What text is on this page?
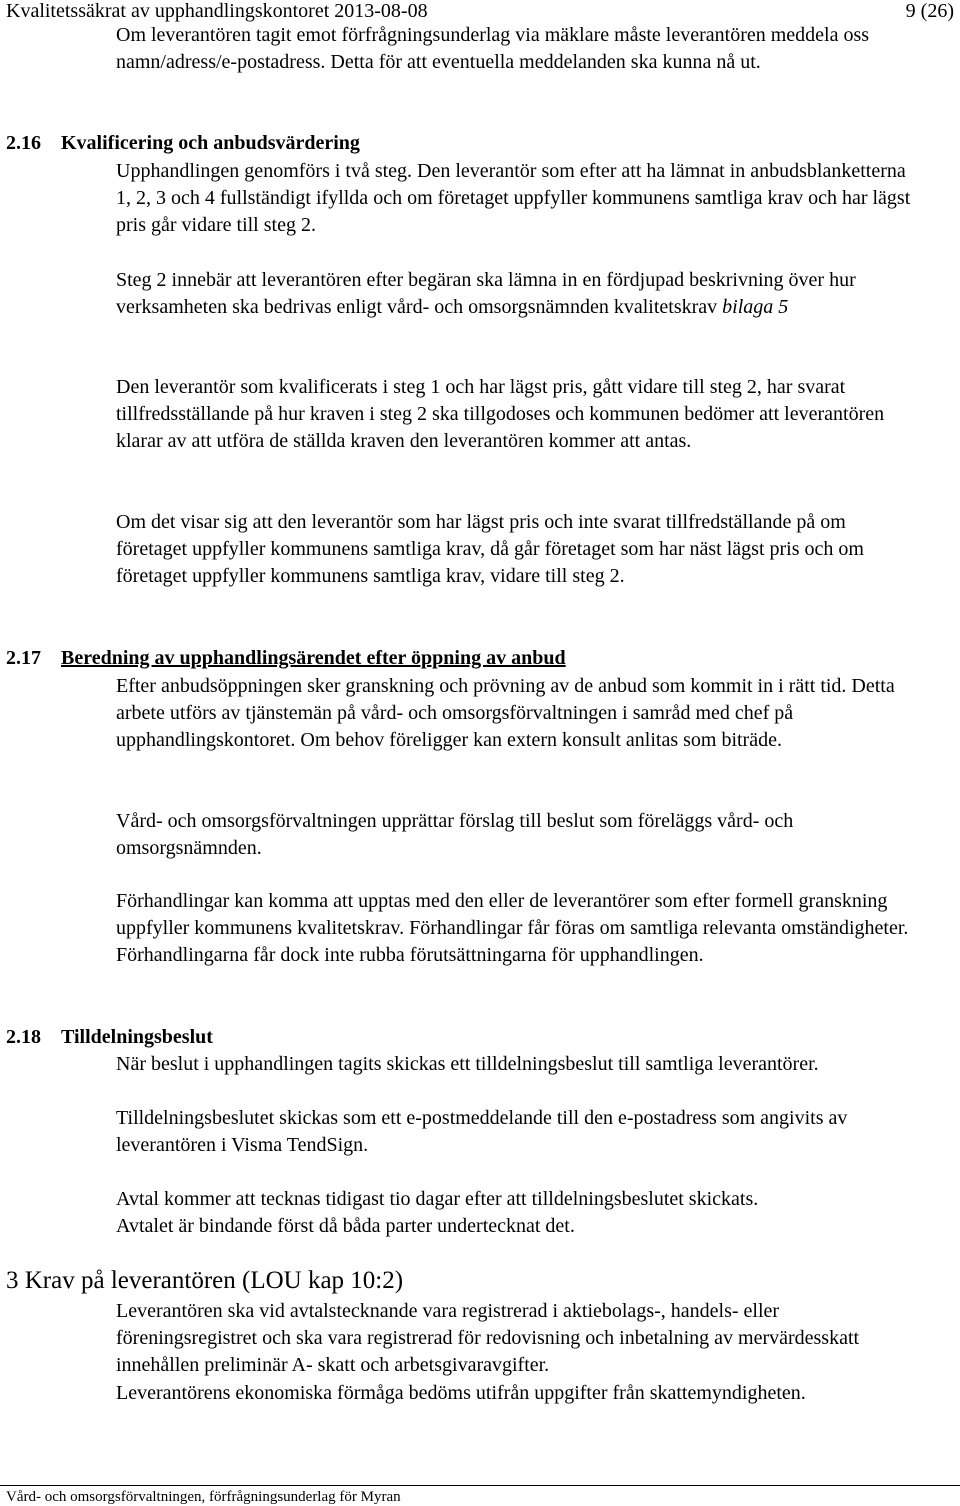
Kvalitetssäkrat av upphandlingskontoret 2013-08-08	9 (26)

Om leverantören tagit emot förfrågningsunderlag via mäklare måste leverantören meddela oss namn/adress/e-postadress. Detta för att eventuella meddelanden ska kunna nå ut.

2.16 Kvalificering och anbudsvärdering

Upphandlingen genomförs i två steg. Den leverantör som efter att ha lämnat in anbudsblanketterna 1, 2, 3 och 4 fullständigt ifyllda och om företaget uppfyller kommunens samtliga krav och har lägst pris går vidare till steg 2.

Steg 2 innebär att leverantören efter begäran ska lämna in en fördjupad beskrivning över hur verksamheten ska bedrivas enligt vård- och omsorgsnämnden kvalitetskrav bilaga 5

Den leverantör som kvalificerats i steg 1 och har lägst pris, gått vidare till steg 2, har svarat tillfredsställande på hur kraven i steg 2 ska tillgodoses och kommunen bedömer att leverantören klarar av att utföra de ställda kraven den leverantören kommer att antas.

Om det visar sig att den leverantör som har lägst pris och inte svarat tillfredställande på om företaget uppfyller kommunens samtliga krav, då går företaget som har näst lägst pris och om företaget uppfyller kommunens samtliga krav, vidare till steg 2.

2.17 Beredning av upphandlingsärendet efter öppning av anbud

Efter anbudsöppningen sker granskning och prövning av de anbud som kommit in i rätt tid. Detta arbete utförs av tjänstemän på vård- och omsorgsförvaltningen i samråd med chef på upphandlingskontoret. Om behov föreligger kan extern konsult anlitas som biträde.

Vård- och omsorgsförvaltningen upprättar förslag till beslut som föreläggs vård- och omsorgsnämnden.

Förhandlingar kan komma att upptas med den eller de leverantörer som efter formell granskning uppfyller kommunens kvalitetskrav. Förhandlingar får föras om samtliga relevanta omständigheter. Förhandlingarna får dock inte rubba förutsättningarna för upphandlingen.

2.18 Tilldelningsbeslut

När beslut i upphandlingen tagits skickas ett tilldelningsbeslut till samtliga leverantörer.

Tilldelningsbeslutet skickas som ett e-postmeddelande till den e-postadress som angivits av leverantören i Visma TendSign.

Avtal kommer att tecknas tidigast tio dagar efter att tilldelningsbeslutet skickats.

Avtalet är bindande först då båda parter undertecknat det.

3 Krav på leverantören (LOU kap 10:2)

Leverantören ska vid avtalstecknande vara registrerad i aktiebolags-, handels- eller föreningsregistret och ska vara registrerad för redovisning och inbetalning av mervärdesskatt innehållen preliminär A- skatt och arbetsgivaravgifter.

Leverantörens ekonomiska förmåga bedöms utifrån uppgifter från skattemyndigheten.

Vård- och omsorgsförvaltningen, förfrågningsunderlag för Myran
